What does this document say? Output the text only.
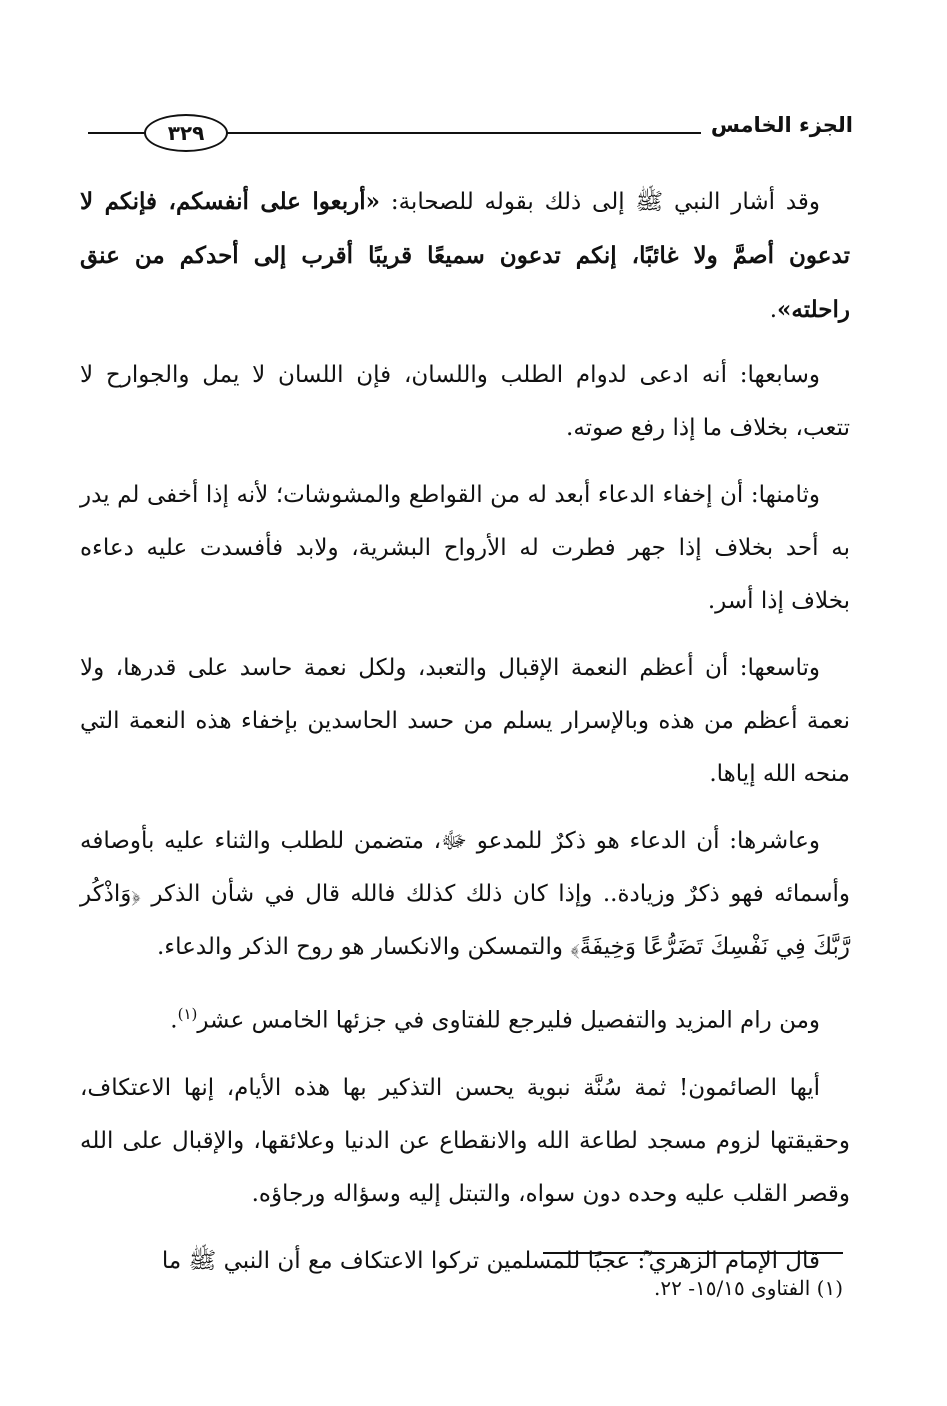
الجزء الخامس
٣٢٩

وقد أشار النبي ﷺ إلى ذلك بقوله للصحابة: «أربعوا على أنفسكم، فإنكم لا تدعون أصمَّ ولا غائبًا، إنكم تدعون سميعًا قريبًا أقرب إلى أحدكم من عنق راحلته».

وسابعها: أنه ادعى لدوام الطلب واللسان، فإن اللسان لا يمل والجوارح لا تتعب، بخلاف ما إذا رفع صوته.

وثامنها: أن إخفاء الدعاء أبعد له من القواطع والمشوشات؛ لأنه إذا أخفى لم يدر به أحد بخلاف إذا جهر فطرت له الأرواح البشرية، ولابد فأفسدت عليه دعاءه بخلاف إذا أسر.

وتاسعها: أن أعظم النعمة الإقبال والتعبد، ولكل نعمة حاسد على قدرها، ولا نعمة أعظم من هذه وبالإسرار يسلم من حسد الحاسدين بإخفاء هذه النعمة التي منحه الله إياها.

وعاشرها: أن الدعاء هو ذكرٌ للمدعو ﷻ، متضمن للطلب والثناء عليه بأوصافه وأسمائه فهو ذكرٌ وزيادة.. وإذا كان ذلك كذلك فالله قال في شأن الذكر ﴿وَاذْكُر رَّبَّكَ فِي نَفْسِكَ تَضَرُّعًا وَخِيفَةً﴾ والتمسكن والانكسار هو روح الذكر والدعاء.

ومن رام المزيد والتفصيل فليرجع للفتاوى في جزئها الخامس عشر$^{(١)}$.

أيها الصائمون! ثمة سُنَّة نبوية يحسن التذكير بها هذه الأيام، إنها الاعتكاف، وحقيقتها لزوم مسجد لطاعة الله والانقطاع عن الدنيا وعلائقها، والإقبال على الله وقصر القلب عليه وحده دون سواه، والتبتل إليه وسؤاله ورجاؤه.

قال الإمام الزهري ؒ: عجبًا للمسلمين تركوا الاعتكاف مع أن النبي ﷺ ما

(١) الفتاوى ١٥/١٥- ٢٢.
